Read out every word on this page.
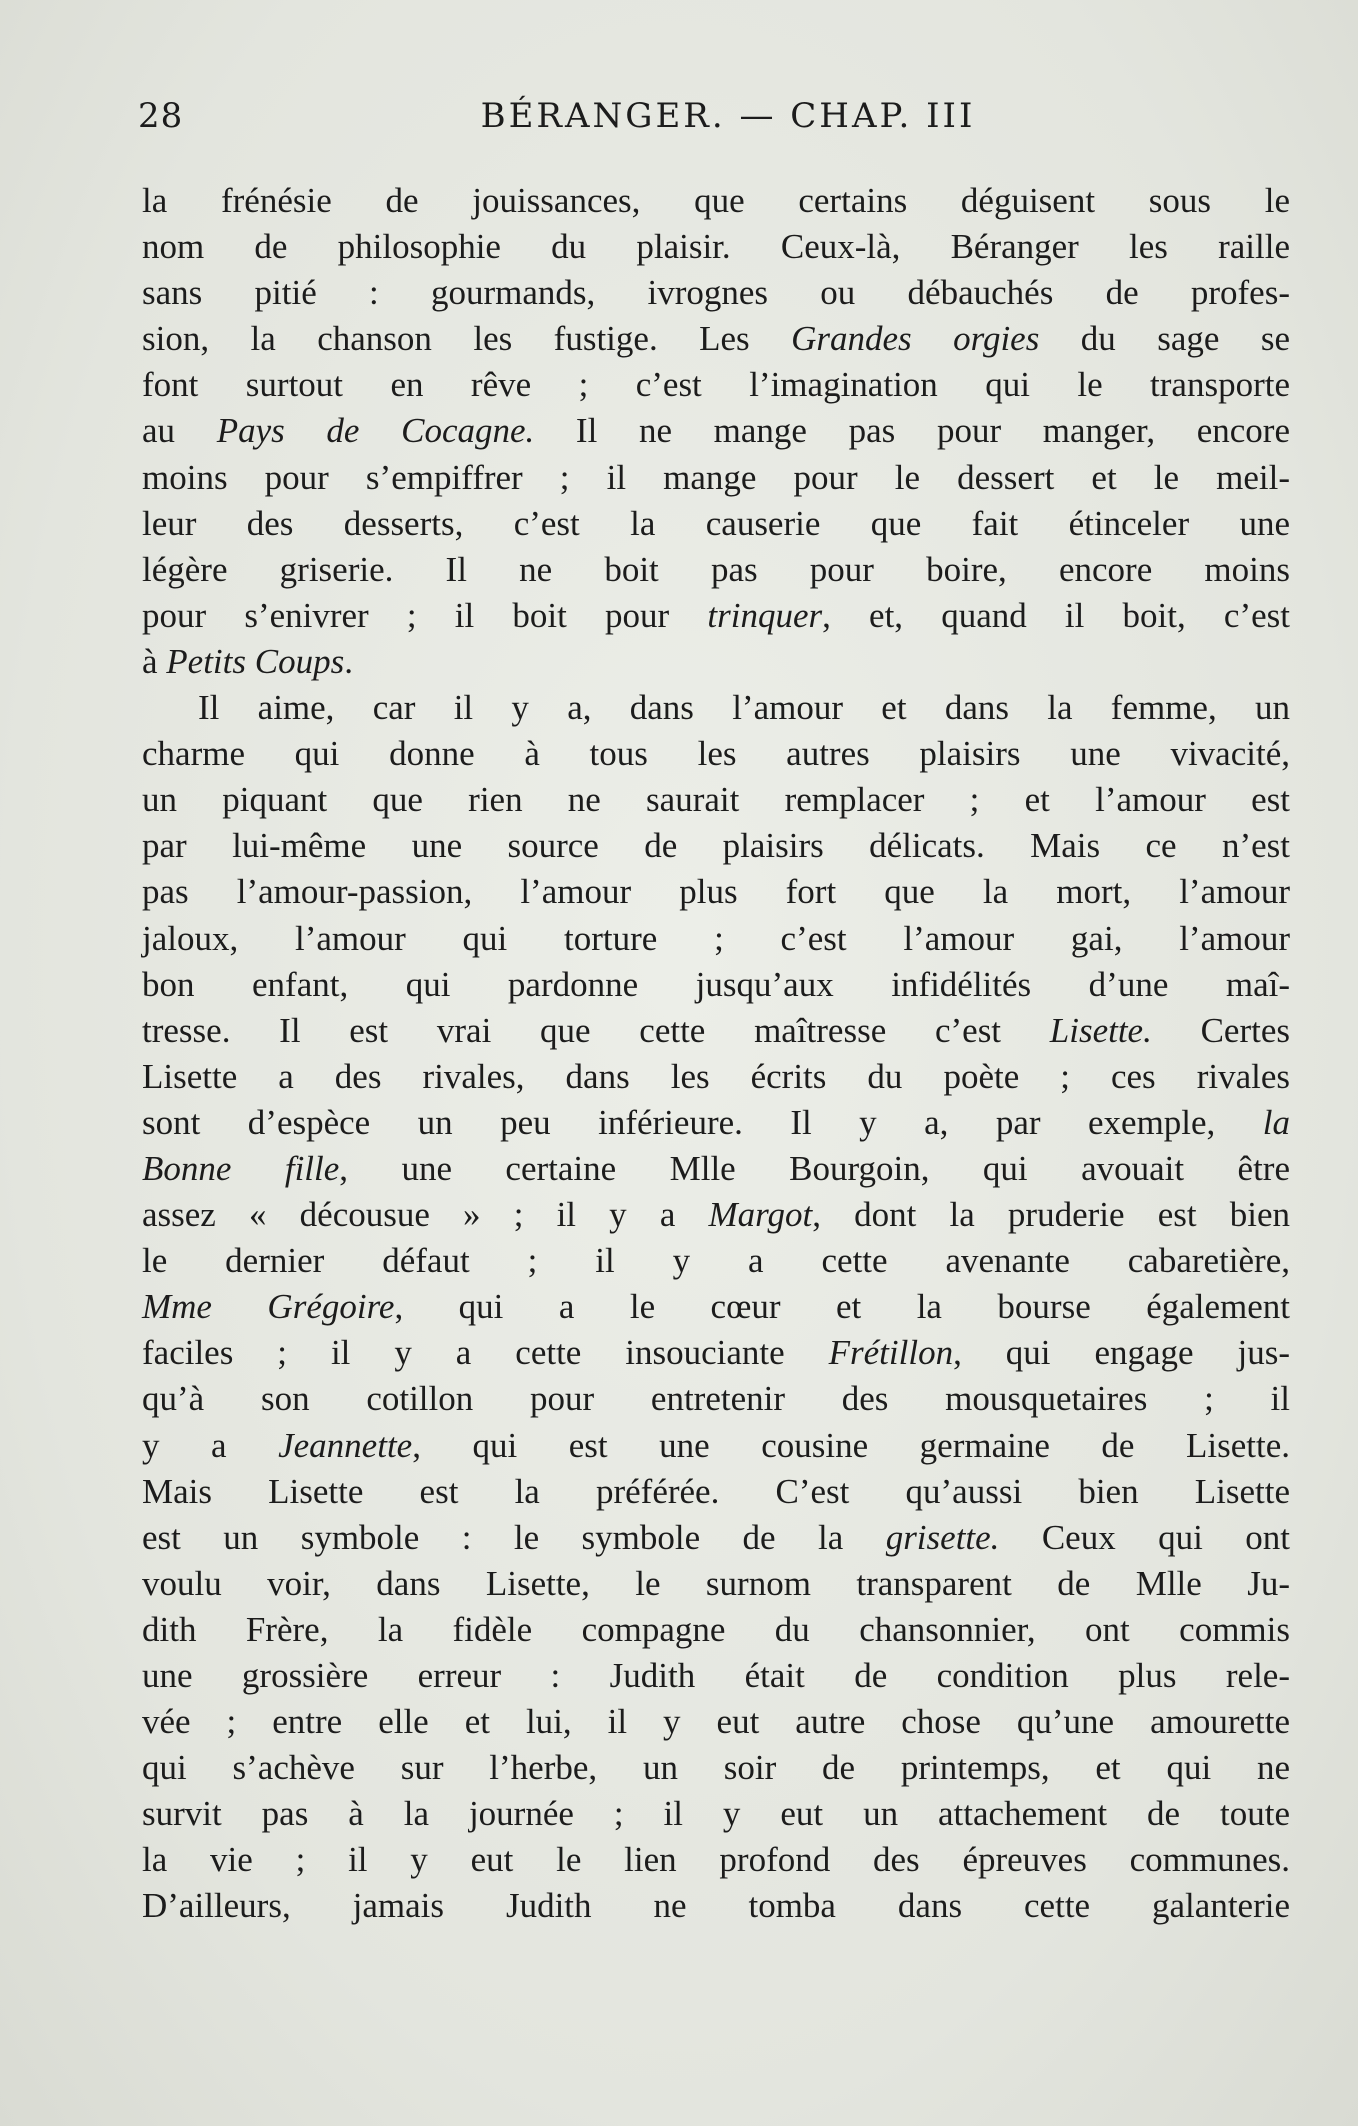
28	BÉRANGER. — CHAP. III
la frénésie de jouissances, que certains déguisent sous le
nom de philosophie du plaisir. Ceux-là, Béranger les raille
sans pitié : gourmands, ivrognes ou débauchés de profes-
sion, la chanson les fustige. Les Grandes orgies du sage se
font surtout en rêve ; c’est l’imagination qui le transporte
au Pays de Cocagne. Il ne mange pas pour manger, encore
moins pour s’empiffrer ; il mange pour le dessert et le meil-
leur des desserts, c’est la causerie que fait étinceler une
légère griserie. Il ne boit pas pour boire, encore moins
pour s’enivrer ; il boit pour trinquer, et, quand il boit, c’est
à Petits Coups.
Il aime, car il y a, dans l’amour et dans la femme, un
charme qui donne à tous les autres plaisirs une vivacité,
un piquant que rien ne saurait remplacer ; et l’amour est
par lui-même une source de plaisirs délicats. Mais ce n’est
pas l’amour-passion, l’amour plus fort que la mort, l’amour
jaloux, l’amour qui torture ; c’est l’amour gai, l’amour
bon enfant, qui pardonne jusqu’aux infidélités d’une maî-
tresse. Il est vrai que cette maîtresse c’est Lisette. Certes
Lisette a des rivales, dans les écrits du poète ; ces rivales
sont d’espèce un peu inférieure. Il y a, par exemple, la
Bonne fille, une certaine Mlle Bourgoin, qui avouait être
assez « décousue » ; il y a Margot, dont la pruderie est bien
le dernier défaut ; il y a cette avenante cabaretière,
Mme Grégoire, qui a le cœur et la bourse également
faciles ; il y a cette insouciante Frétillon, qui engage jus-
qu’à son cotillon pour entretenir des mousquetaires ; il
y a Jeannette, qui est une cousine germaine de Lisette.
Mais Lisette est la préférée. C’est qu’aussi bien Lisette
est un symbole : le symbole de la grisette. Ceux qui ont
voulu voir, dans Lisette, le surnom transparent de Mlle Ju-
dith Frère, la fidèle compagne du chansonnier, ont commis
une grossière erreur : Judith était de condition plus rele-
vée ; entre elle et lui, il y eut autre chose qu’une amourette
qui s’achève sur l’herbe, un soir de printemps, et qui ne
survit pas à la journée ; il y eut un attachement de toute
la vie ; il y eut le lien profond des épreuves communes.
D’ailleurs, jamais Judith ne tomba dans cette galanterie
